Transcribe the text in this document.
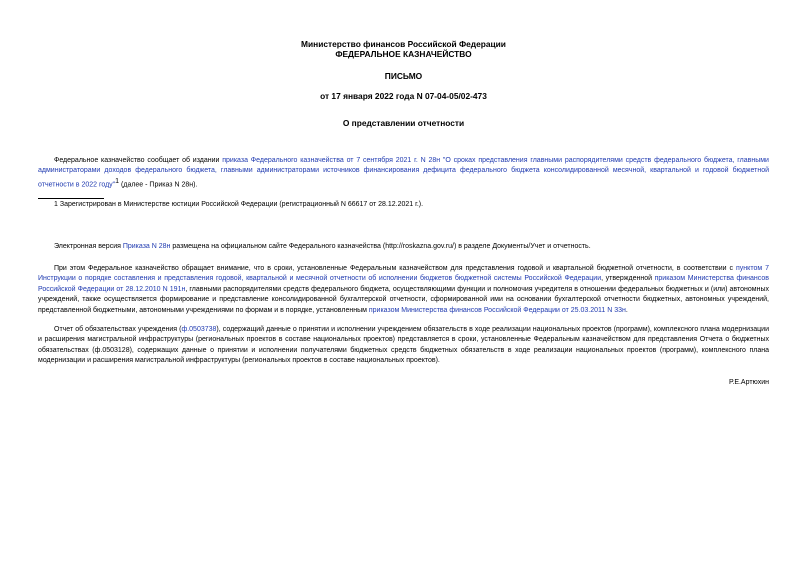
Министерство финансов Российской Федерации
ФЕДЕРАЛЬНОЕ КАЗНАЧЕЙСТВО
ПИСЬМО
от 17 января 2022 года N 07-04-05/02-473
О представлении отчетности
Федеральное казначейство сообщает об издании приказа Федерального казначейства от 7 сентября 2021 г. N 28н "О сроках представления главными распорядителями средств федерального бюджета, главными администраторами доходов федерального бюджета, главными администраторами источников финансирования дефицита федерального бюджета консолидированной месячной, квартальной и годовой бюджетной отчетности в 2022 году"$^1$ (далее - Приказ N 28н).
1 Зарегистрирован в Министерстве юстиции Российской Федерации (регистрационный N 66617 от 28.12.2021 г.).
Электронная версия Приказа N 28н размещена на официальном сайте Федерального казначейства (http://roskazna.gov.ru/) в разделе Документы/Учет и отчетность.
При этом Федеральное казначейство обращает внимание, что в сроки, установленные Федеральным казначейством для представления годовой и квартальной бюджетной отчетности, в соответствии с пунктом 7 Инструкции о порядке составления и представления годовой, квартальной и месячной отчетности об исполнении бюджетов бюджетной системы Российской Федерации, утвержденной приказом Министерства финансов Российской Федерации от 28.12.2010 N 191н, главными распорядителями средств федерального бюджета, осуществляющими функции и полномочия учредителя в отношении федеральных бюджетных и (или) автономных учреждений, также осуществляется формирование и представление консолидированной бухгалтерской отчетности, сформированной ими на основании бухгалтерской отчетности бюджетных, автономных учреждений, представленной бюджетными, автономными учреждениями по формам и в порядке, установленным приказом Министерства финансов Российской Федерации от 25.03.2011 N 33н.
Отчет об обязательствах учреждения (ф.0503738), содержащий данные о принятии и исполнении учреждением обязательств в ходе реализации национальных проектов (программ), комплексного плана модернизации и расширения магистральной инфраструктуры (региональных проектов в составе национальных проектов) представляется в сроки, установленные Федеральным казначейством для представления Отчета о бюджетных обязательствах (ф.0503128), содержащих данные о принятии и исполнении получателями бюджетных средств бюджетных обязательств в ходе реализации национальных проектов (программ), комплексного плана модернизации и расширения магистральной инфраструктуры (региональных проектов в составе национальных проектов).
Р.Е.Артюхин
